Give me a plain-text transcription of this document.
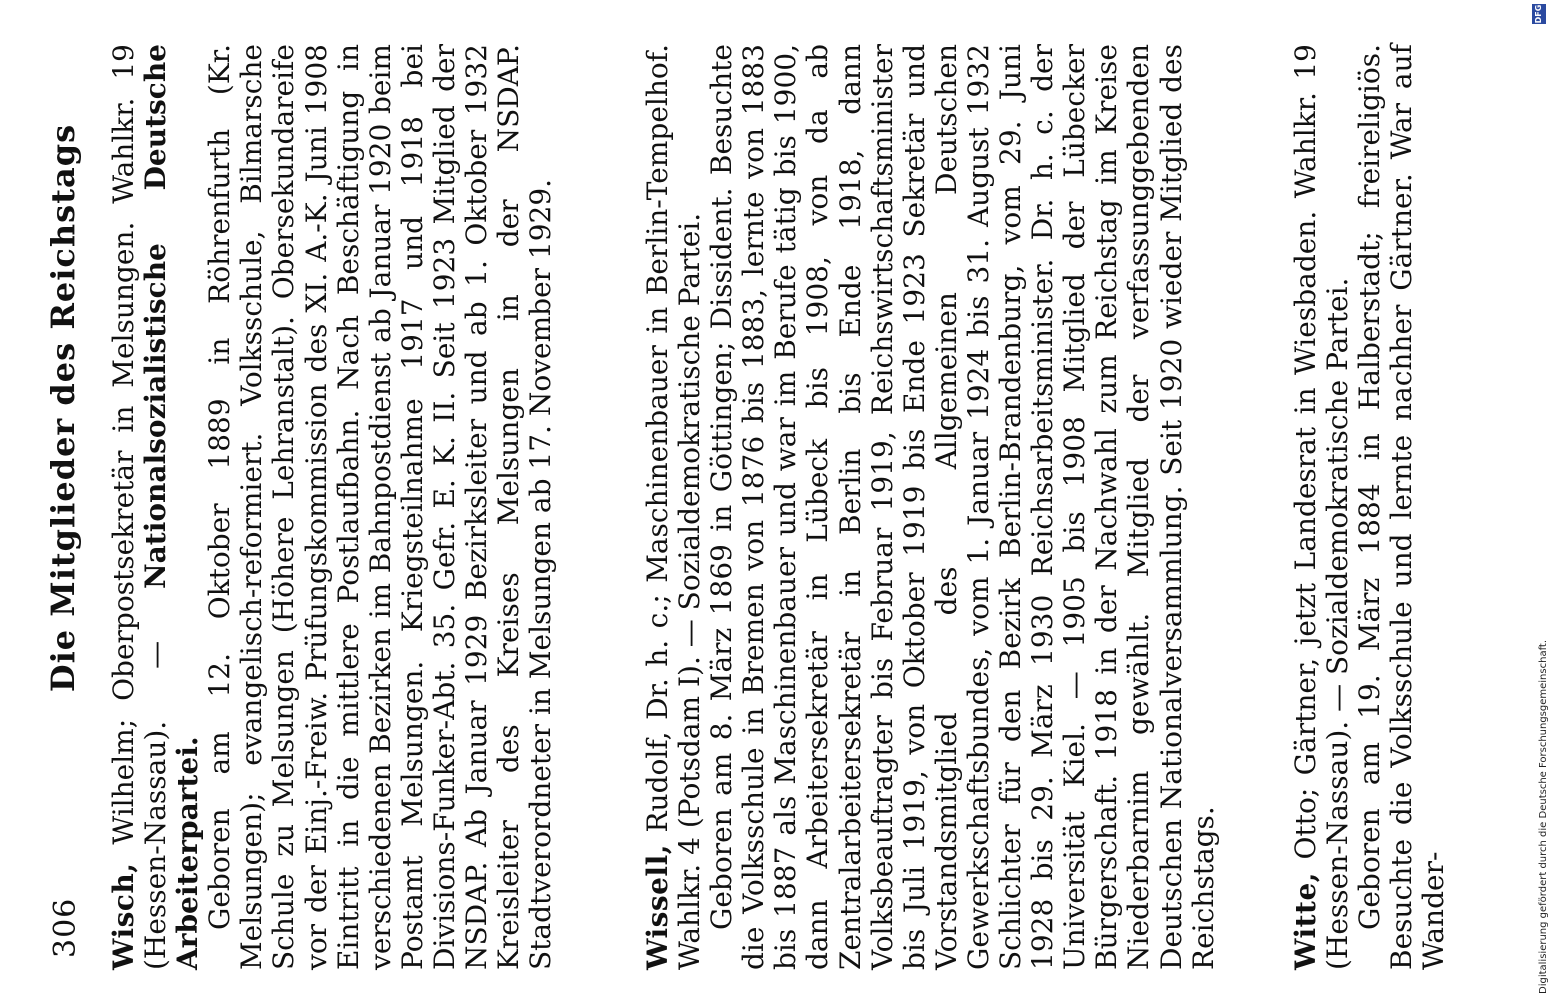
306
Die Mitglieder des Reichstags

Wisch, Wilhelm; Oberpostsekretär in Melsungen. Wahlkr. 19 (Hessen-Nassau). — Nationalsozialistische Deutsche Arbeiterpartei. Geboren am 12. Oktober 1889 in Röhrenfurth (Kr. Melsungen); evangelisch-reformiert. Volksschule, Bilmarsche Schule zu Melsungen (Höhere Lehranstalt). Obersekundareife vor der Einj.-Freiw. Prüfungskommission des XI. A.-K. Juni 1908 Eintritt in die mittlere Postlaufbahn. Nach Beschäftigung in verschiedenen Bezirken im Bahnpostdienst ab Januar 1920 beim Postamt Melsungen. Kriegsteilnahme 1917 und 1918 bei Divisions-Funker-Abt. 35. Gefr. E. K. II. Seit 1923 Mitglied der NSDAP. Ab Januar 1929 Bezirksleiter und ab 1. Oktober 1932 Kreisleiter des Kreises Melsungen in der NSDAP. Stadtverordneter in Melsungen ab 17. November 1929.	Wissell, Rudolf, Dr. h. c.; Maschinenbauer in Berlin-Tempelhof. Wahlkr. 4 (Potsdam I). — Sozialdemokratische Partei. Geboren am 8. März 1869 in Göttingen; Dissident. Besuchte die Volksschule in Bremen von 1876 bis 1883, lernte von 1883 bis 1887 als Maschinenbauer und war im Berufe tätig bis 1900, dann Arbeitersekretär in Lübeck bis 1908, von da ab Zentralarbeitersekretär in Berlin bis Ende 1918, dann Volksbeauftragter bis Februar 1919, Reichswirtschaftsminister bis Juli 1919, von Oktober 1919 bis Ende 1923 Sekretär und Vorstandsmitglied des Allgemeinen Deutschen Gewerkschaftsbundes, vom 1. Januar 1924 bis 31. August 1932 Schlichter für den Bezirk Berlin-Brandenburg, vom 29. Juni 1928 bis 29. März 1930 Reichsarbeitsminister. Dr. h. c. der Universität Kiel. — 1905 bis 1908 Mitglied der Lübecker Bürgerschaft. 1918 in der Nachwahl zum Reichstag im Kreise Niederbarnim gewählt. Mitglied der verfassunggebenden Deutschen Nationalversammlung. Seit 1920 wieder Mitglied des Reichstags. Witte, Otto; Gärtner, jetzt Landesrat in Wiesbaden. Wahlkr. 19 (Hessen-Nassau). — Sozialdemokratische Partei. Geboren am 19. März 1884 in Halberstadt; freireligiös. Besuchte die Volksschule und lernte nachher Gärtner. War auf Wander-	Digitalisierung gefördert durch die Deutsche Forschungsgemeinschaft.
DFG
